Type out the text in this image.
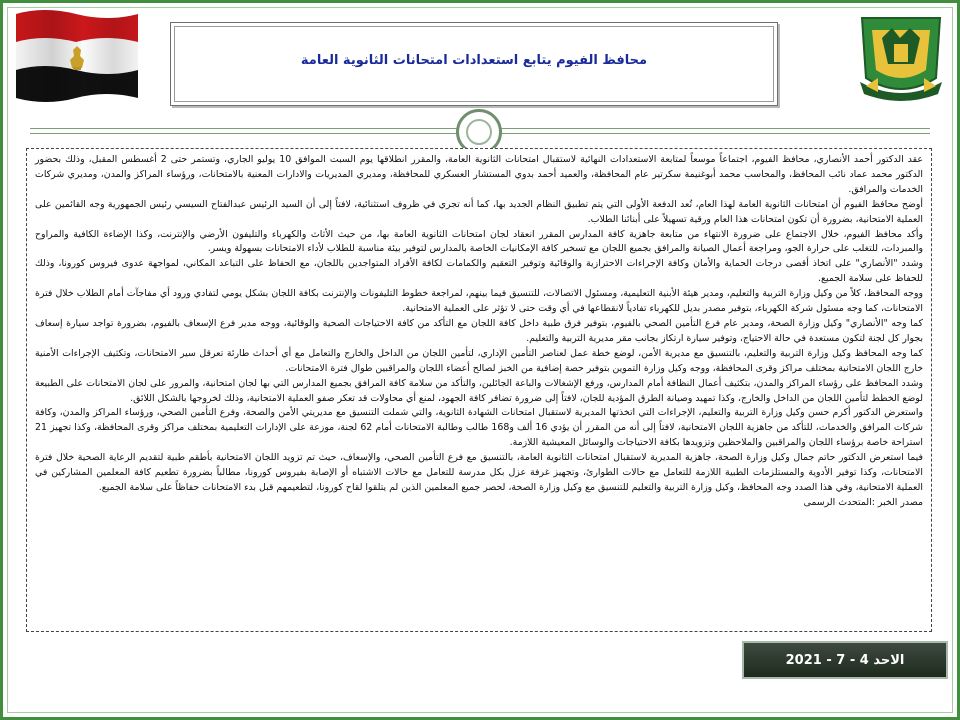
محافظ الفيوم يتابع استعدادات امتحانات الثانوية العامة

عقد الدكتور أحمد الأنصاري، محافظ الفيوم، اجتماعاً موسعاً لمتابعة الاستعدادات النهائية لاستقبال امتحانات الثانوية العامة، والمقرر انطلاقها يوم السبت الموافق 10 يوليو الجاري، وتستمر حتى 2 أغسطس المقبل، وذلك بحضور الدكتور محمد عماد نائب المحافظ، والمحاسب محمد أبوغنيمة سكرتير عام المحافظة، والعميد أحمد بدوي المستشار العسكري للمحافظة، ومديري المديريات والادارات المعنية بالامتحانات، ورؤساء المراكز والمدن، ومديري شركات الخدمات والمرافق.

أوضح محافظ الفيوم أن امتحانات الثانوية العامة لهذا العام، تُعد الدفعة الأولى التي يتم تطبيق النظام الجديد بها، كما أنه تجري في ظروف استثنائية، لافتاً إلى أن السيد الرئيس عبدالفتاح السيسي رئيس الجمهورية وجه القائمين على العملية الامتحانية، بضرورة أن تكون امتحانات هذا العام ورقية تسهيلاً على أبنائنا الطلاب.

وأكد محافظ الفيوم، خلال الاجتماع على ضرورة الانتهاء من متابعة جاهزية كافة المدارس المقرر انعقاد لجان امتحانات الثانوية العامة بها، من حيث الأثاث والكهرباء والتليفون الأرضي والإنترنت، وكذا الإضاءة الكافية والمراوح والمبردات، للتغلب على حرارة الجو، ومراجعة أعمال الصيانة والمرافق بجميع اللجان مع تسخير كافة الإمكانيات الخاصة بالمدارس لتوفير بيئة مناسبة للطلاب لأداء الامتحانات بسهولة ويسر.

وشدد "الأنصاري" على اتخاذ أقصى درجات الحماية والأمان وكافة الإجراءات الاحترازية والوقائية وتوفير التعقيم والكمامات لكافة الأفراد المتواجدين باللجان، مع الحفاظ على التباعد المكاني، لمواجهة عدوى فيروس كورونا، وذلك للحفاظ على سلامة الجميع.

ووجه المحافظ، كلاً من وكيل وزارة التربية والتعليم، ومدير هيئة الأبنية التعليمية، ومسئول الاتصالات، للتنسيق فيما بينهم، لمراجعة خطوط التليفونات والإنترنت بكافة اللجان بشكل يومي لتفادي ورود أي مفاجآت أمام الطلاب خلال فترة الامتحانات، كما وجه مسئول شركة الكهرباء، بتوفير مصدر بديل للكهرباء تفادياً لانقطاعها في أي وقت حتى لا تؤثر على العملية الامتحانية.

كما وجه "الأنصاري" وكيل وزارة الصحة، ومدير عام فرع التأمين الصحي بالفيوم، بتوفير فرق طبية داخل كافة اللجان مع التأكد من كافة الاحتياجات الصحية والوقائية، ووجه مدير فرع الإسعاف بالفيوم، بضرورة تواجد سيارة إسعاف بجوار كل لجنة لتكون مستعدة في حالة الاحتياج، وتوفير سيارة ارتكاز بجانب مقر مديرية التربية والتعليم.

كما وجه المحافظ وكيل وزارة التربية والتعليم، بالتنسيق مع مديرية الأمن، لوضع خطة عمل لعناصر التأمين الإداري، لتأمين اللجان من الداخل والخارج والتعامل مع أي أحداث طارئة تعرقل سير الامتحانات، وتكثيف الإجراءات الأمنية خارج اللجان الامتحانية بمختلف مراكز وقرى المحافظة، ووجه وكيل وزارة التموين بتوفير حصة إضافية من الخبز لصالح أعضاء اللجان والمراقبين طوال فترة الامتحانات.

وشدد المحافظ على رؤساء المراكز والمدن، بتكثيف أعمال النظافة أمام المدارس، ورفع الإشغالات والباعة الجائلين، والتأكد من سلامة كافة المرافق بجميع المدارس التي بها لجان امتحانية، والمرور على لجان الامتحانات على الطبيعة لوضع الخطط لتأمين اللجان من الداخل والخارج، وكذا تمهيد وصيانة الطرق المؤدية للجان، لافتاً إلى ضرورة تضافر كافة الجهود، لمنع أي محاولات قد تعكر صفو العملية الامتحانية، وذلك لخروجها بالشكل اللائق.

واستعرض الدكتور أكرم حسن وكيل وزارة التربية والتعليم، الإجراءات التي اتخذتها المديرية لاستقبال امتحانات الشهادة الثانوية، والتي شملت التنسيق مع مديريتي الأمن والصحة، وفرع التأمين الصحي، ورؤساء المراكز والمدن، وكافة شركات المرافق والخدمات، للتأكد من جاهزية اللجان الامتحانية، لافتاً إلى أنه من المقرر أن يؤدي 16 ألف و168 طالب وطالبة الامتحانات أمام 62 لجنة، موزعة على الإدارات التعليمية بمختلف مراكز وقرى المحافظة، وكذا تجهيز 21 استراحة خاصة برؤساء اللجان والمراقبين والملاحظين وتزويدها بكافة الاحتياجات والوسائل المعيشية اللازمة.

فيما استعرض الدكتور حاتم جمال وكيل وزارة الصحة، جاهزية المديرية لاستقبال امتحانات الثانوية العامة، بالتنسيق مع فرع التأمين الصحي، والإسعاف، حيث تم تزويد اللجان الامتحانية بأطقم طبية لتقديم الرعاية الصحية خلال فترة الامتحانات، وكذا توفير الأدوية والمستلزمات الطبية اللازمة للتعامل مع حالات الطوارئ، وتجهيز غرفة عزل بكل مدرسة للتعامل مع حالات الاشتباه أو الإصابة بفيروس كورونا، مطالباً بضرورة تطعيم كافة المعلمين المشاركين في العملية الامتحانية، وفي هذا الصدد وجه المحافظ، وكيل وزارة التربية والتعليم للتنسيق مع وكيل وزارة الصحة، لحصر جميع المعلمين الذين لم يتلقوا لقاح كورونا، لتطعيمهم قبل بدء الامتحانات حفاظاً على سلامة الجميع.

مصدر الخبر :المتحدث الرسمى

الاحد 4 - 7 - 2021
